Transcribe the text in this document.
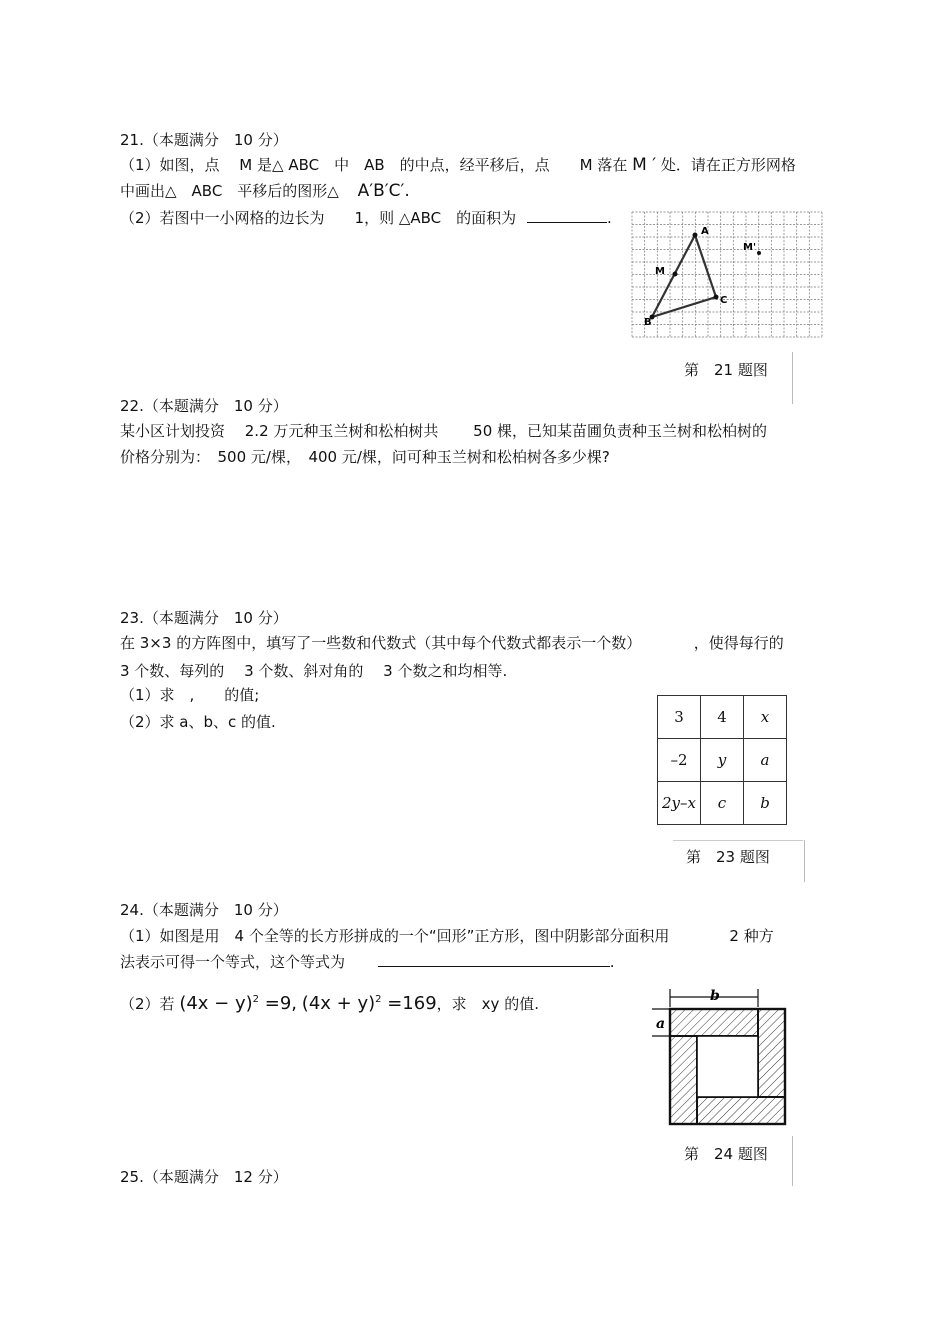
21.（本题满分　10 分）
（1）如图，点　 M 是△ ABC　中　AB　的中点，经平移后，点　　M 落在 M ′ 处．请在正方形网格
中画出△　ABC　平移后的图形△ A′B′C′.
（2）若图中一小网格的边长为　　1，则 △ABC　的面积为	.
A
B
C
M
M'
第　21 题图
22.（本题满分　10 分）
某小区计划投资　 2.2 万元种玉兰树和松柏树共　　 50 棵，已知某苗圃负责种玉兰树和松柏树的
价格分别为：　500 元/棵，　400 元/棵，问可种玉兰树和松柏树各多少棵?
23.（本题满分　10 分）
在 3×3 的方阵图中，填写了一些数和代数式（其中每个代数式都表示一个数）　　　　，使得每行的
3 个数、每列的　 3 个数、斜对角的　 3 个数之和均相等.
（1）求　,　　的值;
（2）求 a、b、c 的值.	3	4	x
–2	y	a
2y–x	c	b
第　23 题图
24.（本题满分　10 分）
（1）如图是用　4 个全等的长方形拼成的一个“回形”正方形，图中阴影部分面积用　　　　2 种方
法表示可得一个等式，这个等式为	.
（2）若 $(4x - y)^2 =9$, $(4x + y)^2 =169$，求　xy 的值.	b
a
第　24 题图
25.（本题满分　12 分）
